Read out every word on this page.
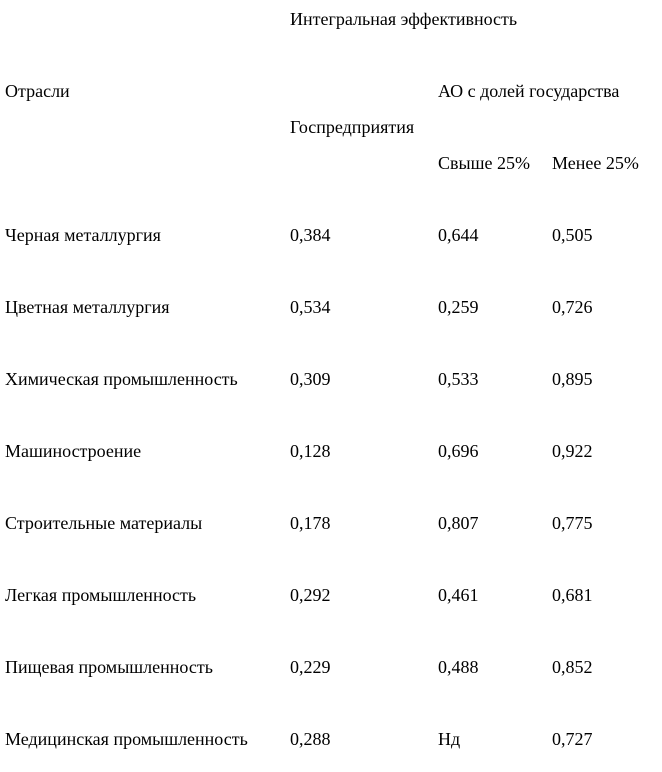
Интегральная эффективность
Отрасли	АО с долей государства
Госпредприятия
Свыше 25% Менее 25%
Черная металлургия	0,384	0,644	0,505
Цветная металлургия	0,534	0,259	0,726
Химическая промышленность	0,309	0,533	0,895
Машиностроение	0,128	0,696	0,922
Строительные материалы	0,178	0,807	0,775
Легкая промышленность	0,292	0,461	0,681
Пищевая промышленность	0,229	0,488	0,852
Медицинская промышленность 0,288	Нд	0,727
